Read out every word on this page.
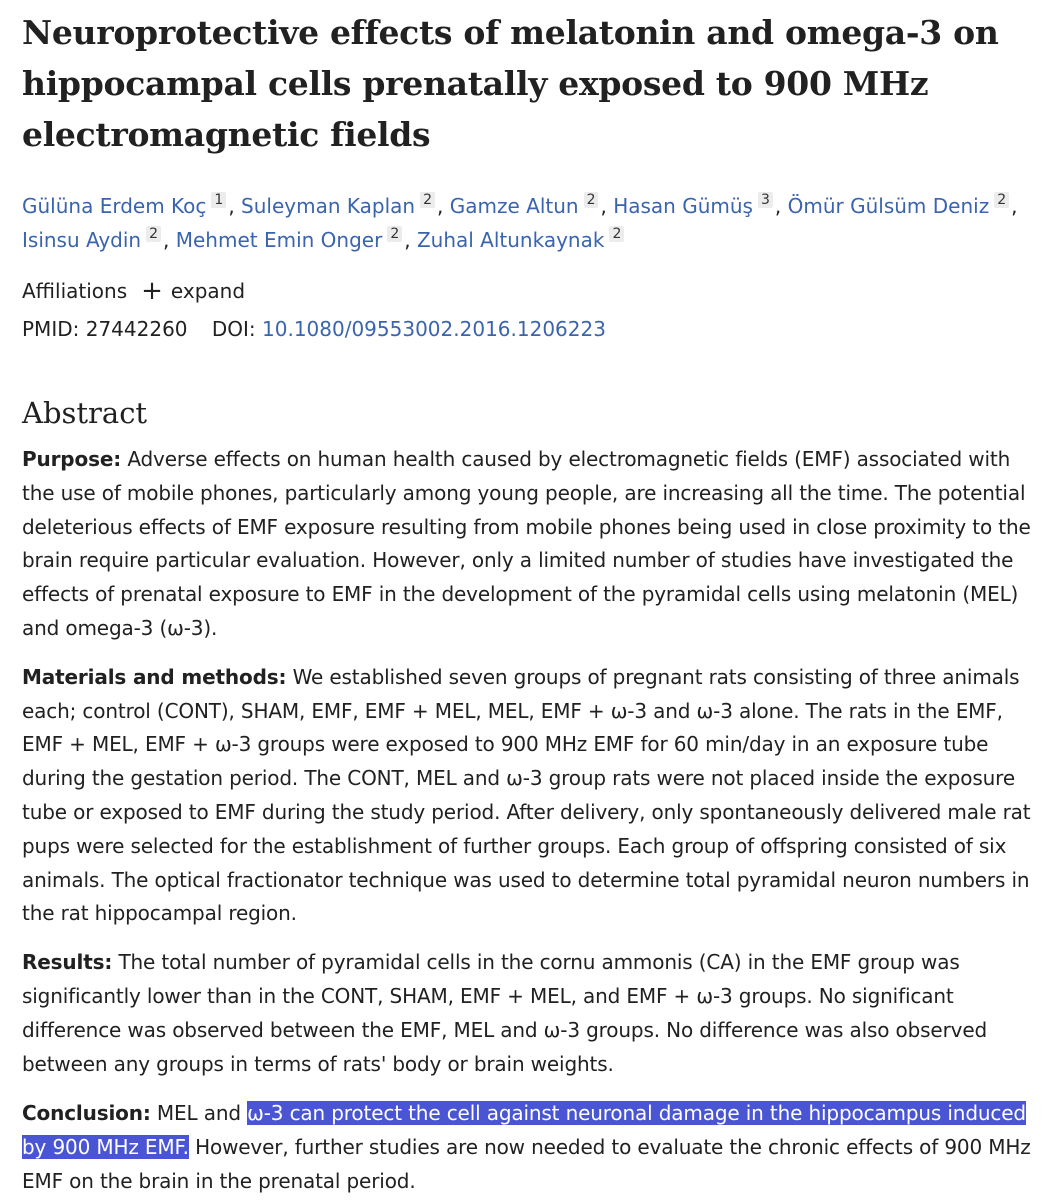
Neuroprotective effects of melatonin and omega-3 on hippocampal cells prenatally exposed to 900 MHz electromagnetic fields
Gülüna Erdem Koç 1 , Suleyman Kaplan 2 , Gamze Altun 2 , Hasan Gümüş 3 , Ömür Gülsüm Deniz 2 ,
Isinsu Aydin 2 , Mehmet Emin Onger 2 , Zuhal Altunkaynak 2
Affiliations + expand
PMID: 27442260 DOI: 10.1080/09553002.2016.1206223
Abstract

Purpose: Adverse effects on human health caused by electromagnetic fields (EMF) associated with the use of mobile phones, particularly among young people, are increasing all the time. The potential deleterious effects of EMF exposure resulting from mobile phones being used in close proximity to the brain require particular evaluation. However, only a limited number of studies have investigated the effects of prenatal exposure to EMF in the development of the pyramidal cells using melatonin (MEL) and omega-3 (ω-3).

Materials and methods: We established seven groups of pregnant rats consisting of three animals each; control (CONT), SHAM, EMF, EMF + MEL, MEL, EMF + ω-3 and ω-3 alone. The rats in the EMF, EMF + MEL, EMF + ω-3 groups were exposed to 900 MHz EMF for 60 min/day in an exposure tube during the gestation period. The CONT, MEL and ω-3 group rats were not placed inside the exposure tube or exposed to EMF during the study period. After delivery, only spontaneously delivered male rat pups were selected for the establishment of further groups. Each group of offspring consisted of six animals. The optical fractionator technique was used to determine total pyramidal neuron numbers in the rat hippocampal region.

Results: The total number of pyramidal cells in the cornu ammonis (CA) in the EMF group was significantly lower than in the CONT, SHAM, EMF + MEL, and EMF + ω-3 groups. No significant difference was observed between the EMF, MEL and ω-3 groups. No difference was also observed between any groups in terms of rats' body or brain weights.

Conclusion: MEL and ω-3 can protect the cell against neuronal damage in the hippocampus induced by 900 MHz EMF. However, further studies are now needed to evaluate the chronic effects of 900 MHz EMF on the brain in the prenatal period.
